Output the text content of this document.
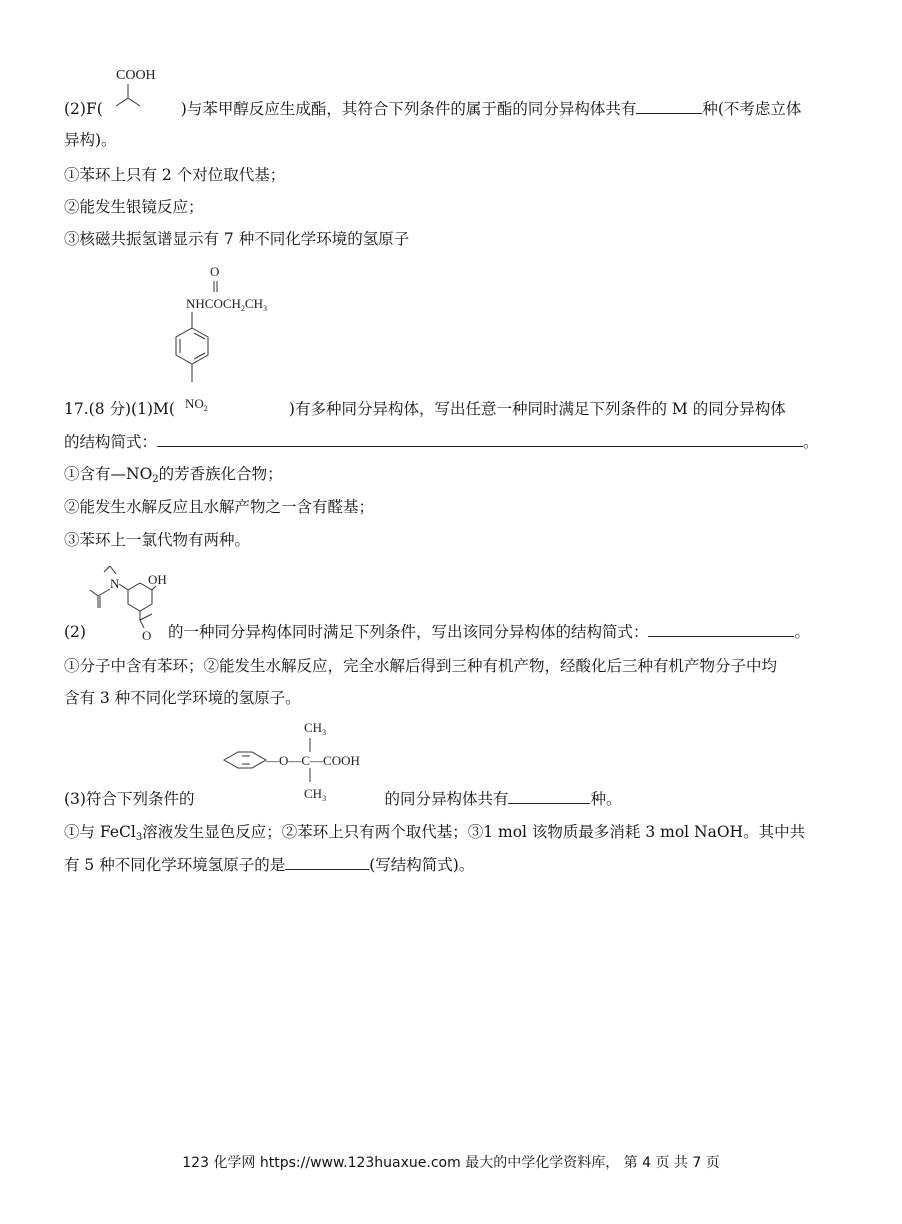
COOH
(2)F(	)与苯甲醇反应生成酯，其符合下列条件的属于酯的同分异构体共有	种(不考虑立体
异构)。
①苯环上只有 2 个对位取代基；
②能发生银镜反应；
③核磁共振氢谱显示有 7 种不同化学环境的氢原子
O
$NHCOCH_2CH_3$
$NO_2$
17.(8 分)(1)M(	)有多种同分异构体，写出任意一种同时满足下列条件的 M 的同分异构体
的结构简式：	。
①含有$—NO_2$的芳香族化合物；
②能发生水解反应且水解产物之一含有醛基；
③苯环上一氯代物有两种。
N OH
O
(2)	的一种同分异构体同时满足下列条件，写出该同分异构体的结构简式：	。
①分子中含有苯环；②能发生水解反应，完全水解后得到三种有机产物，经酸化后三种有机产物分子中均
含有 3 种不同化学环境的氢原子。
$CH_3$
—O—C—COOH
$CH_3$
(3)符合下列条件的	的同分异构体共有	种。
①与 FeCl$_3$溶液发生显色反应；②苯环上只有两个取代基；③1 mol 该物质最多消耗 3 mol NaOH。其中共
有 5 种不同化学环境氢原子的是	(写结构简式)。
123 化学网 https://www.123huaxue.com 最大的中学化学资料库， 第 4 页 共 7 页
